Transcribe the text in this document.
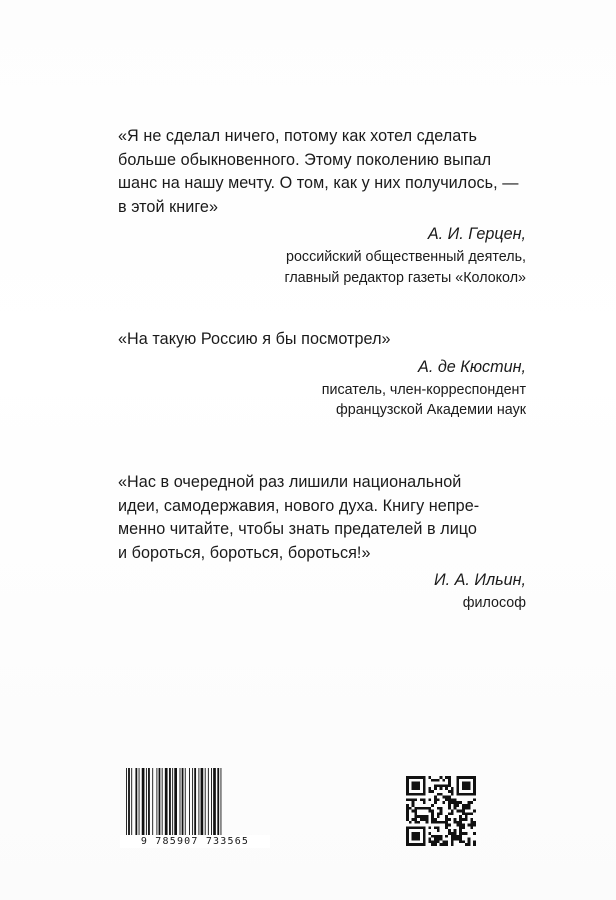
«Я не сделал ничего, потому как хотел сделать
больше обыкновенного. Этому поколению выпал
шанс на нашу мечту. О том, как у них получилось, —
в этой книге»

А. И. Герцен,
российский общественный деятель,
главный редактор газеты «Колокол»

«На такую Россию я бы посмотрел»

А. де Кюстин,
писатель, член-корреспондент
французской Академии наук

«Нас в очередной раз лишили национальной
идеи, самодержавия, нового духа. Книгу непре-
менно читайте, чтобы знать предателей в лицо
и бороться, бороться, бороться!»

И. А. Ильин,
философ
9 785907 733565
